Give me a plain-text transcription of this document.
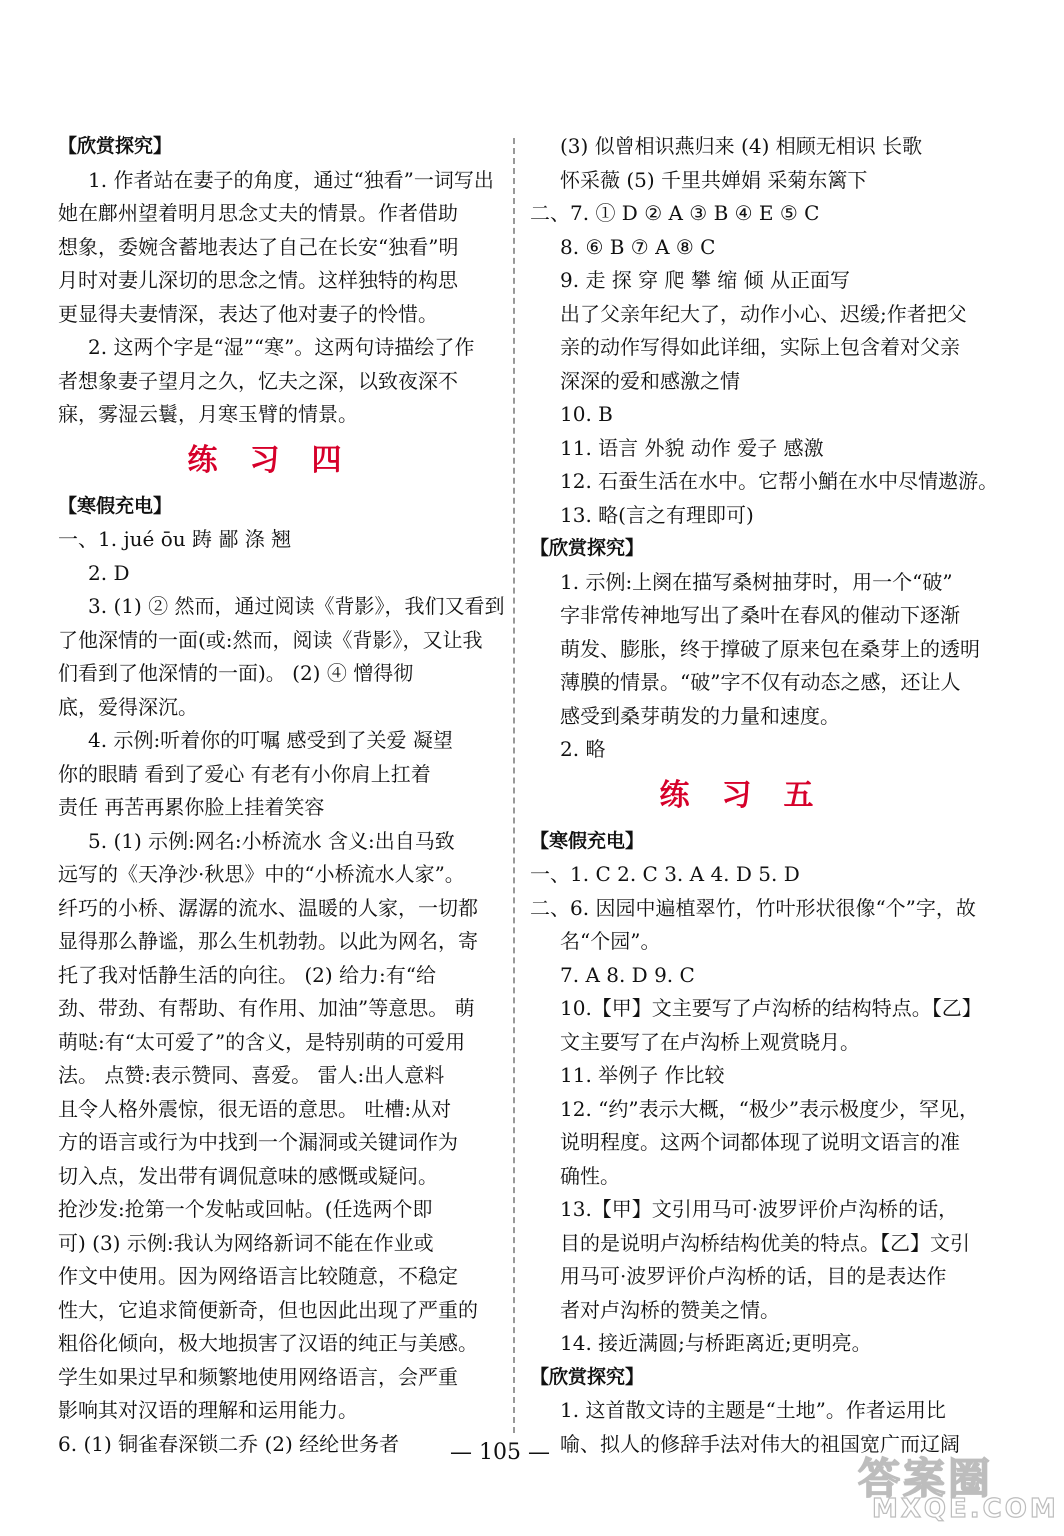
【欣赏探究】
1. 作者站在妻子的角度，通过“独看”一词写出
她在鄜州望着明月思念丈夫的情景。作者借助
想象，委婉含蓄地表达了自己在长安“独看”明
月时对妻儿深切的思念之情。这样独特的构思
更显得夫妻情深，表达了他对妻子的怜惜。
2. 这两个字是“湿”“寒”。这两句诗描绘了作
者想象妻子望月之久，忆夫之深，以致夜深不
寐，雾湿云鬟，月寒玉臂的情景。
练习四
【寒假充电】
一、1. jué ōu 踌 鄙 涤 翘
2. D
3. (1) ② 然而，通过阅读《背影》，我们又看到
了他深情的一面(或:然而，阅读《背影》，又让我
们看到了他深情的一面)。 (2) ④ 憎得彻
底，爱得深沉。
4. 示例:听着你的叮嘱 感受到了关爱 凝望
你的眼睛 看到了爱心 有老有小你肩上扛着
责任 再苦再累你脸上挂着笑容
5. (1) 示例:网名:小桥流水 含义:出自马致
远写的《天净沙·秋思》中的“小桥流水人家”。
纤巧的小桥、潺潺的流水、温暖的人家，一切都
显得那么静谧，那么生机勃勃。以此为网名，寄
托了我对恬静生活的向往。 (2) 给力:有“给
劲、带劲、有帮助、有作用、加油”等意思。 萌
萌哒:有“太可爱了”的含义，是特别萌的可爱用
法。 点赞:表示赞同、喜爱。 雷人:出人意料
且令人格外震惊，很无语的意思。 吐槽:从对
方的语言或行为中找到一个漏洞或关键词作为
切入点，发出带有调侃意味的感慨或疑问。
抢沙发:抢第一个发帖或回帖。(任选两个即
可) (3) 示例:我认为网络新词不能在作业或
作文中使用。因为网络语言比较随意，不稳定
性大，它追求简便新奇，但也因此出现了严重的
粗俗化倾向，极大地损害了汉语的纯正与美感。
学生如果过早和频繁地使用网络语言，会严重
影响其对汉语的理解和运用能力。
6. (1) 铜雀春深锁二乔 (2) 经纶世务者
(3) 似曾相识燕归来 (4) 相顾无相识 长歌
怀采薇 (5) 千里共婵娟 采菊东篱下
二、7. ① D ② A ③ B ④ E ⑤ C
8. ⑥ B ⑦ A ⑧ C
9. 走 探 穿 爬 攀 缩 倾 从正面写
出了父亲年纪大了，动作小心、迟缓;作者把父
亲的动作写得如此详细，实际上包含着对父亲
深深的爱和感激之情
10. B
11. 语言 外貌 动作 爱子 感激
12. 石蚕生活在水中。它帮小鮹在水中尽情遨游。
13. 略(言之有理即可)
【欣赏探究】
1. 示例:上阕在描写桑树抽芽时，用一个“破”
字非常传神地写出了桑叶在春风的催动下逐渐
萌发、膨胀，终于撑破了原来包在桑芽上的透明
薄膜的情景。“破”字不仅有动态之感，还让人
感受到桑芽萌发的力量和速度。
2. 略
练习五
【寒假充电】
一、1. C 2. C 3. A 4. D 5. D
二、6. 因园中遍植翠竹，竹叶形状很像“个”字，故
名“个园”。
7. A 8. D 9. C
10.【甲】文主要写了卢沟桥的结构特点。【乙】
文主要写了在卢沟桥上观赏晓月。
11. 举例子 作比较
12. “约”表示大概，“极少”表示极度少，罕见，
说明程度。这两个词都体现了说明文语言的准
确性。
13.【甲】文引用马可·波罗评价卢沟桥的话，
目的是说明卢沟桥结构优美的特点。【乙】文引
用马可·波罗评价卢沟桥的话，目的是表达作
者对卢沟桥的赞美之情。
14. 接近满圆;与桥距离近;更明亮。
【欣赏探究】
1. 这首散文诗的主题是“土地”。作者运用比
喻、拟人的修辞手法对伟大的祖国宽广而辽阔
— 105 —
答案圈
MXQE.COM
